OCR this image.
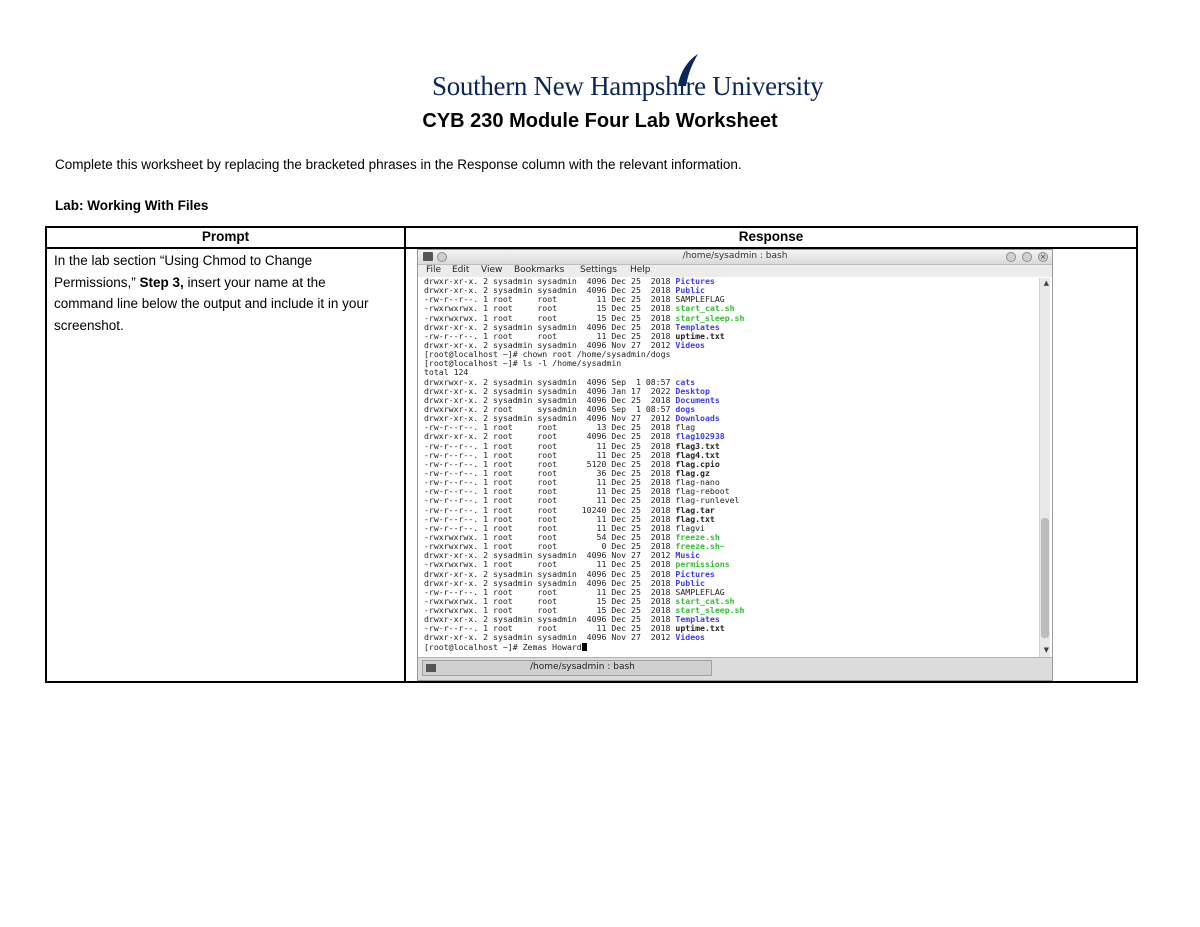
Southern New Hampshire University
CYB 230 Module Four Lab Worksheet
Complete this worksheet by replacing the bracketed phrases in the Response column with the relevant information.
Lab: Working With Files
Prompt	Response
In the lab section “Using Chmod to Change Permissions,” Step 3, insert your name at the command line below the output and include it in your screenshot.
/home/sysadmin : bash	×
File Edit View Bookmarks Settings Help
drwxr-xr-x. 2 sysadmin sysadmin  4096 Dec 25  2018 Pictures
drwxr-xr-x. 2 sysadmin sysadmin  4096 Dec 25  2018 Public
-rw-r--r--. 1 root     root        11 Dec 25  2018 SAMPLEFLAG
-rwxrwxrwx. 1 root     root        15 Dec 25  2018 start_cat.sh
-rwxrwxrwx. 1 root     root        15 Dec 25  2018 start_sleep.sh
drwxr-xr-x. 2 sysadmin sysadmin  4096 Dec 25  2018 Templates
-rw-r--r--. 1 root     root        11 Dec 25  2018 uptime.txt
drwxr-xr-x. 2 sysadmin sysadmin  4096 Nov 27  2012 Videos
[root@localhost ~]# chown root /home/sysadmin/dogs
[root@localhost ~]# ls -l /home/sysadmin
total 124
drwxrwxr-x. 2 sysadmin sysadmin  4096 Sep  1 08:57 cats
drwxr-xr-x. 2 sysadmin sysadmin  4096 Jan 17  2022 Desktop
drwxr-xr-x. 2 sysadmin sysadmin  4096 Dec 25  2018 Documents
drwxrwxr-x. 2 root     sysadmin  4096 Sep  1 08:57 dogs
drwxr-xr-x. 2 sysadmin sysadmin  4096 Nov 27  2012 Downloads
-rw-r--r--. 1 root     root        13 Dec 25  2018 flag
drwxr-xr-x. 2 root     root      4096 Dec 25  2018 flag102938
-rw-r--r--. 1 root     root        11 Dec 25  2018 flag3.txt
-rw-r--r--. 1 root     root        11 Dec 25  2018 flag4.txt
-rw-r--r--. 1 root     root      5120 Dec 25  2018 flag.cpio
-rw-r--r--. 1 root     root        36 Dec 25  2018 flag.gz
-rw-r--r--. 1 root     root        11 Dec 25  2018 flag-nano
-rw-r--r--. 1 root     root        11 Dec 25  2018 flag-reboot
-rw-r--r--. 1 root     root        11 Dec 25  2018 flag-runlevel
-rw-r--r--. 1 root     root     10240 Dec 25  2018 flag.tar
-rw-r--r--. 1 root     root        11 Dec 25  2018 flag.txt
-rw-r--r--. 1 root     root        11 Dec 25  2018 flagvi
-rwxrwxrwx. 1 root     root        54 Dec 25  2018 freeze.sh
-rwxrwxrwx. 1 root     root         0 Dec 25  2018 freeze.sh~
drwxr-xr-x. 2 sysadmin sysadmin  4096 Nov 27  2012 Music
-rwxrwxrwx. 1 root     root        11 Dec 25  2018 permissions
drwxr-xr-x. 2 sysadmin sysadmin  4096 Dec 25  2018 Pictures
drwxr-xr-x. 2 sysadmin sysadmin  4096 Dec 25  2018 Public
-rw-r--r--. 1 root     root        11 Dec 25  2018 SAMPLEFLAG
-rwxrwxrwx. 1 root     root        15 Dec 25  2018 start_cat.sh
-rwxrwxrwx. 1 root     root        15 Dec 25  2018 start_sleep.sh
drwxr-xr-x. 2 sysadmin sysadmin  4096 Dec 25  2018 Templates
-rw-r--r--. 1 root     root        11 Dec 25  2018 uptime.txt
drwxr-xr-x. 2 sysadmin sysadmin  4096 Nov 27  2012 Videos
[root@localhost ~]# Zemas Howard
▲
▼
/home/sysadmin : bash
